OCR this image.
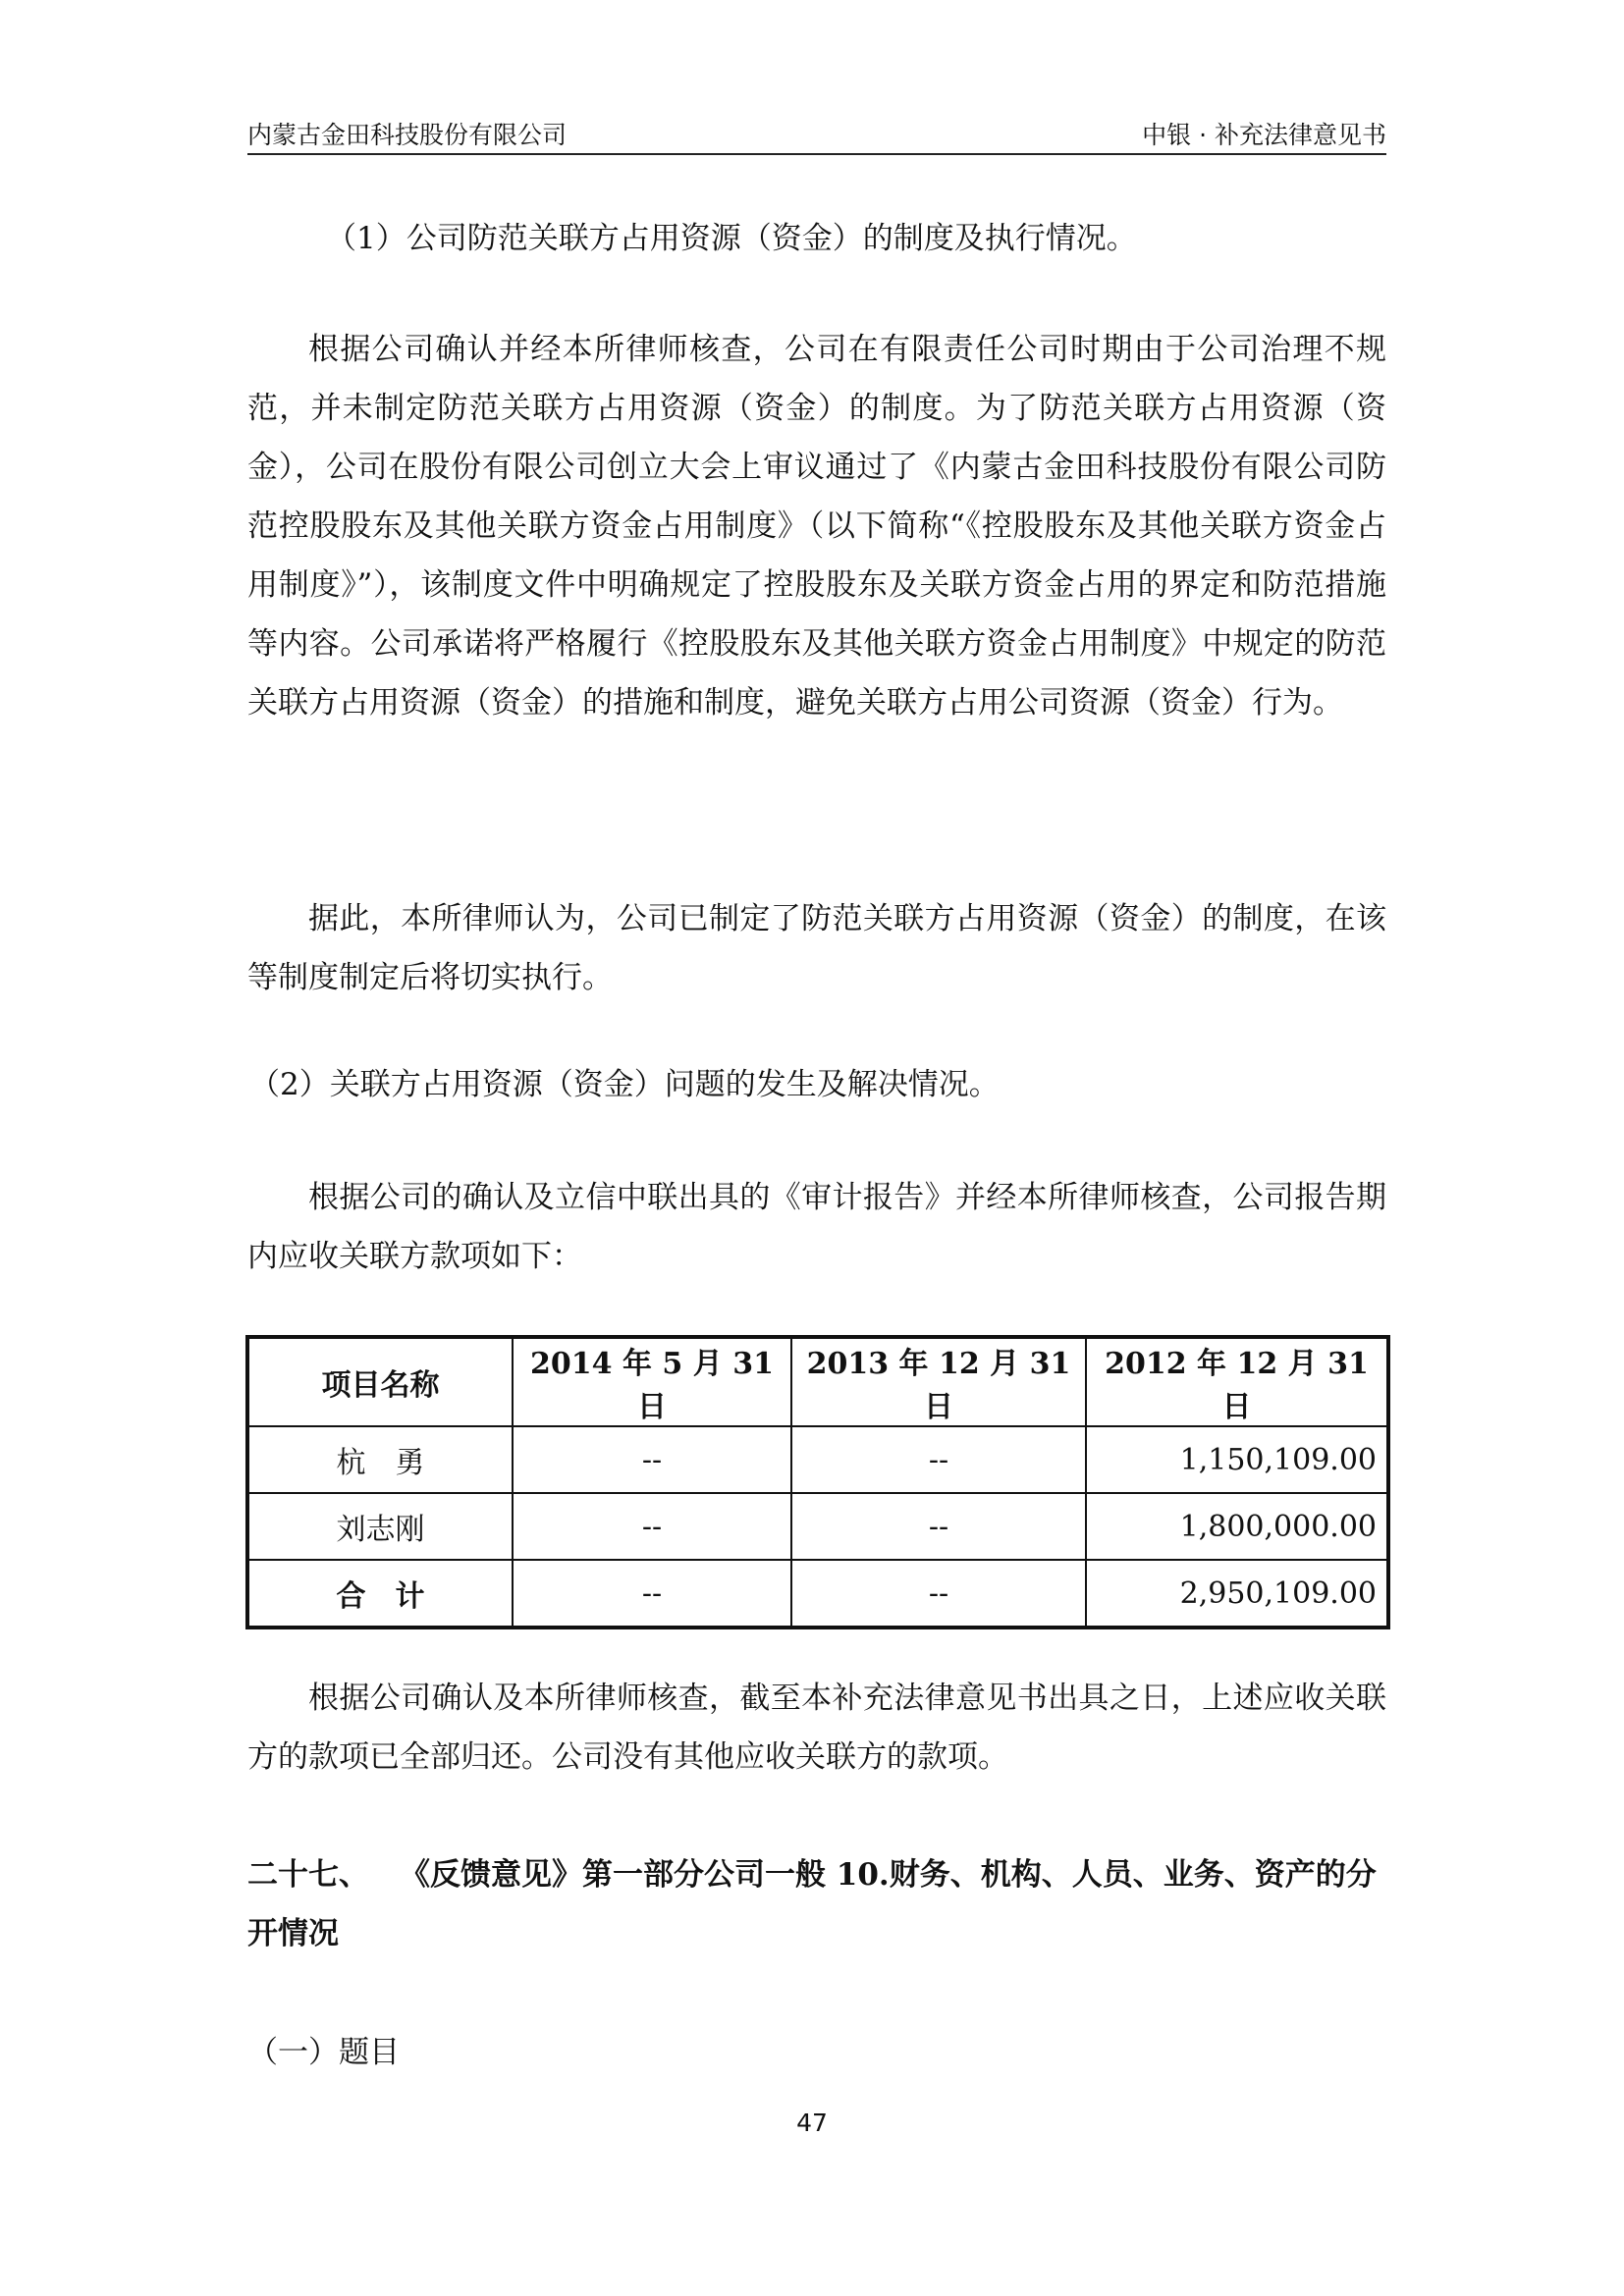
内蒙古金田科技股份有限公司	中银 · 补充法律意见书

（1）公司防范关联方占用资源（资金）的制度及执行情况。

根据公司确认并经本所律师核查，公司在有限责任公司时期由于公司治理不规范，并未制定防范关联方占用资源（资金）的制度。为了防范关联方占用资源（资金），公司在股份有限公司创立大会上审议通过了《内蒙古金田科技股份有限公司防范控股股东及其他关联方资金占用制度》（以下简称“《控股股东及其他关联方资金占用制度》”），该制度文件中明确规定了控股股东及关联方资金占用的界定和防范措施等内容。公司承诺将严格履行《控股股东及其他关联方资金占用制度》中规定的防范关联方占用资源（资金）的措施和制度，避免关联方占用公司资源（资金）行为。

据此，本所律师认为，公司已制定了防范关联方占用资源（资金）的制度，在该等制度制定后将切实执行。

（2）关联方占用资源（资金）问题的发生及解决情况。

根据公司的确认及立信中联出具的《审计报告》并经本所律师核查，公司报告期内应收关联方款项如下：

项目名称	2014 年 5 月 31 日	2013 年 12 月 31 日	2012 年 12 月 31 日
杭　勇	--	--	1,150,109.00
刘志刚	--	--	1,800,000.00
合　计	--	--	2,950,109.00

根据公司确认及本所律师核查，截至本补充法律意见书出具之日，上述应收关联方的款项已全部归还。公司没有其他应收关联方的款项。

二十七、　　《反馈意见》第一部分公司一般 10.财务、机构、人员、业务、资产的分开情况

（一）题目

47
